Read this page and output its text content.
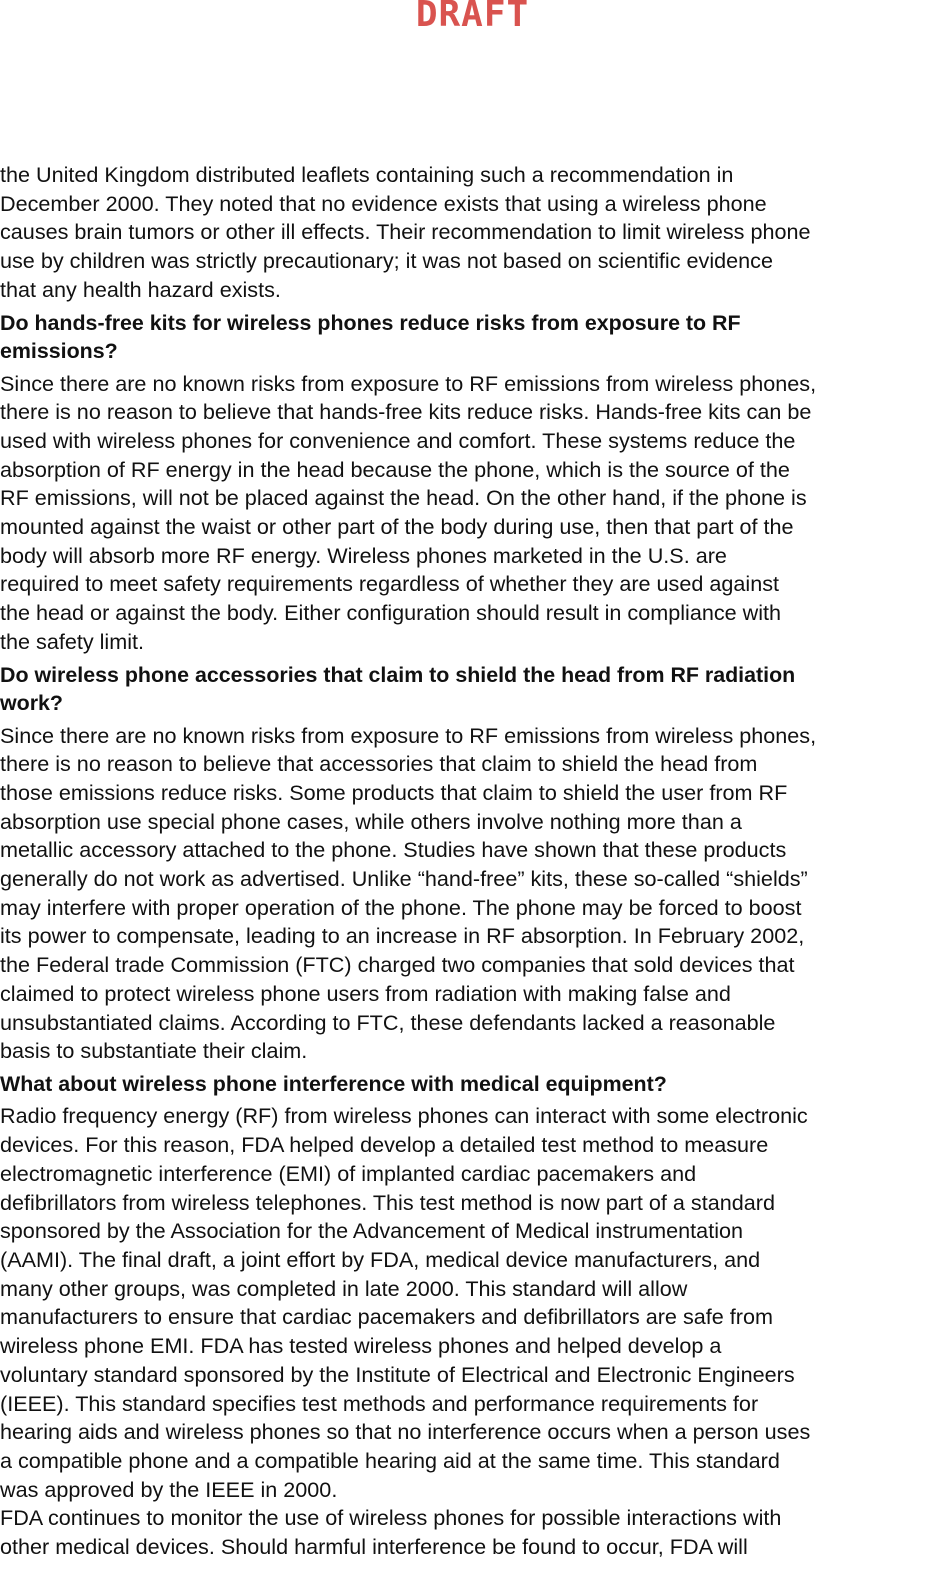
DRAFT

the United Kingdom distributed leaflets containing such a recommendation in
December 2000. They noted that no evidence exists that using a wireless phone
causes brain tumors or other ill effects. Their recommendation to limit wireless phone
use by children was strictly precautionary; it was not based on scientific evidence
that any health hazard exists.

Do hands-free kits for wireless phones reduce risks from exposure to RF
emissions?

Since there are no known risks from exposure to RF emissions from wireless phones,
there is no reason to believe that hands-free kits reduce risks. Hands-free kits can be
used with wireless phones for convenience and comfort. These systems reduce the
absorption of RF energy in the head because the phone, which is the source of the
RF emissions, will not be placed against the head. On the other hand, if the phone is
mounted against the waist or other part of the body during use, then that part of the
body will absorb more RF energy. Wireless phones marketed in the U.S. are
required to meet safety requirements regardless of whether they are used against
the head or against the body. Either configuration should result in compliance with
the safety limit.

Do wireless phone accessories that claim to shield the head from RF radiation
work?

Since there are no known risks from exposure to RF emissions from wireless phones,
there is no reason to believe that accessories that claim to shield the head from
those emissions reduce risks. Some products that claim to shield the user from RF
absorption use special phone cases, while others involve nothing more than a
metallic accessory attached to the phone. Studies have shown that these products
generally do not work as advertised. Unlike “hand-free” kits, these so-called “shields”
may interfere with proper operation of the phone. The phone may be forced to boost
its power to compensate, leading to an increase in RF absorption. In February 2002,
the Federal trade Commission (FTC) charged two companies that sold devices that
claimed to protect wireless phone users from radiation with making false and
unsubstantiated claims. According to FTC, these defendants lacked a reasonable
basis to substantiate their claim.

What about wireless phone interference with medical equipment?

Radio frequency energy (RF) from wireless phones can interact with some electronic
devices. For this reason, FDA helped develop a detailed test method to measure
electromagnetic interference (EMI) of implanted cardiac pacemakers and
defibrillators from wireless telephones. This test method is now part of a standard
sponsored by the Association for the Advancement of Medical instrumentation
(AAMI). The final draft, a joint effort by FDA, medical device manufacturers, and
many other groups, was completed in late 2000. This standard will allow
manufacturers to ensure that cardiac pacemakers and defibrillators are safe from
wireless phone EMI. FDA has tested wireless phones and helped develop a
voluntary standard sponsored by the Institute of Electrical and Electronic Engineers
(IEEE). This standard specifies test methods and performance requirements for
hearing aids and wireless phones so that no interference occurs when a person uses
a compatible phone and a compatible hearing aid at the same time. This standard
was approved by the IEEE in 2000.

FDA continues to monitor the use of wireless phones for possible interactions with
other medical devices. Should harmful interference be found to occur, FDA will
